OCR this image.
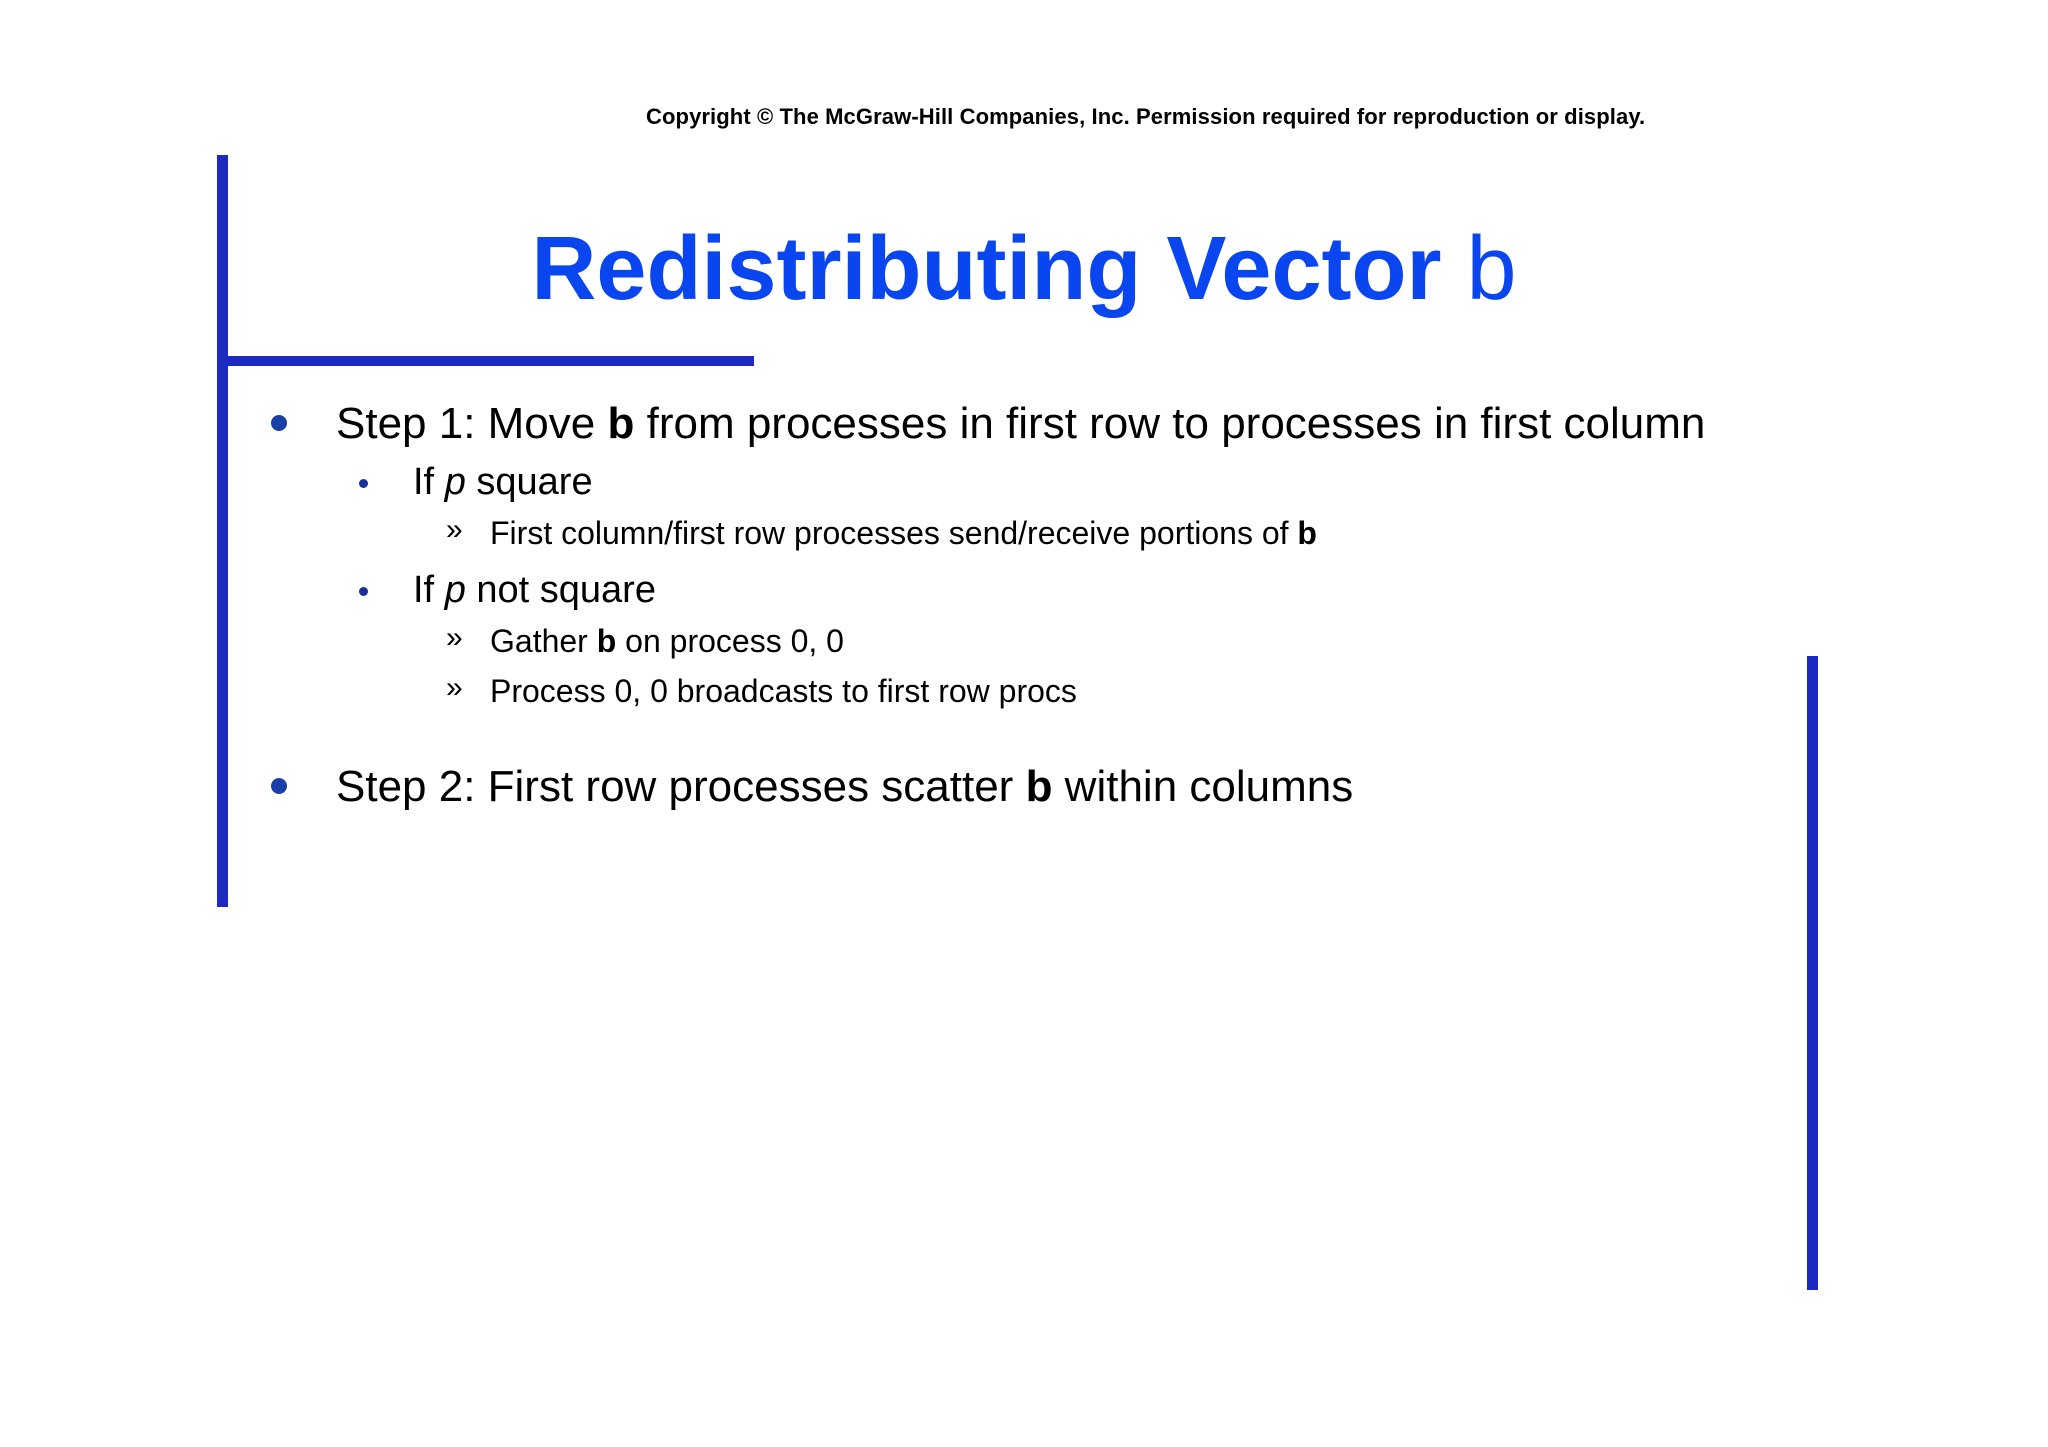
Copyright © The McGraw-Hill Companies, Inc. Permission required for reproduction or display.
Redistributing Vector b
Step 1: Move b from processes in first row to processes in first column
If p square
» First column/first row processes send/receive portions of b
If p not square
» Gather b on process 0, 0
» Process 0, 0 broadcasts to first row procs
Step 2: First row processes scatter b within columns
